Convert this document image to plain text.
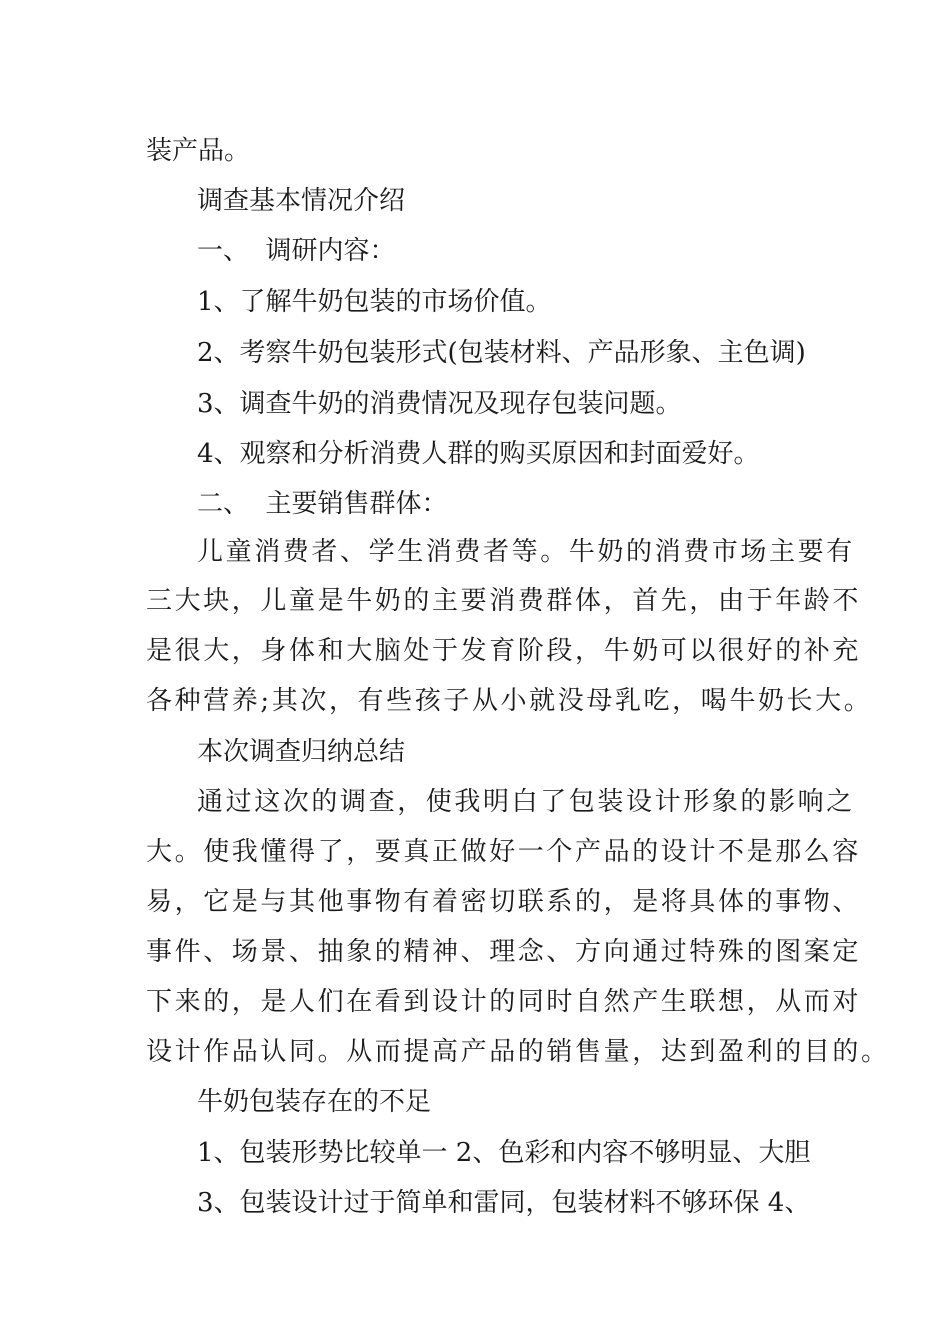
装产品。
调查基本情况介绍
一、  调研内容：
1、了解牛奶包装的市场价值。
2、考察牛奶包装形式(包装材料、产品形象、主色调)
3、调查牛奶的消费情况及现存包装问题。
4、观察和分析消费人群的购买原因和封面爱好。
二、  主要销售群体：
儿童消费者、学生消费者等。牛奶的消费市场主要有
三大块，儿童是牛奶的主要消费群体，首先，由于年龄不
是很大，身体和大脑处于发育阶段，牛奶可以很好的补充
各种营养;其次，有些孩子从小就没母乳吃，喝牛奶长大。
本次调查归纳总结
通过这次的调查，使我明白了包装设计形象的影响之
大。使我懂得了，要真正做好一个产品的设计不是那么容
易，它是与其他事物有着密切联系的，是将具体的事物、
事件、场景、抽象的精神、理念、方向通过特殊的图案定
下来的，是人们在看到设计的同时自然产生联想，从而对
设计作品认同。从而提高产品的销售量，达到盈利的目的。
牛奶包装存在的不足
1、包装形势比较单一 2、色彩和内容不够明显、大胆
3、包装设计过于简单和雷同，包装材料不够环保 4、
